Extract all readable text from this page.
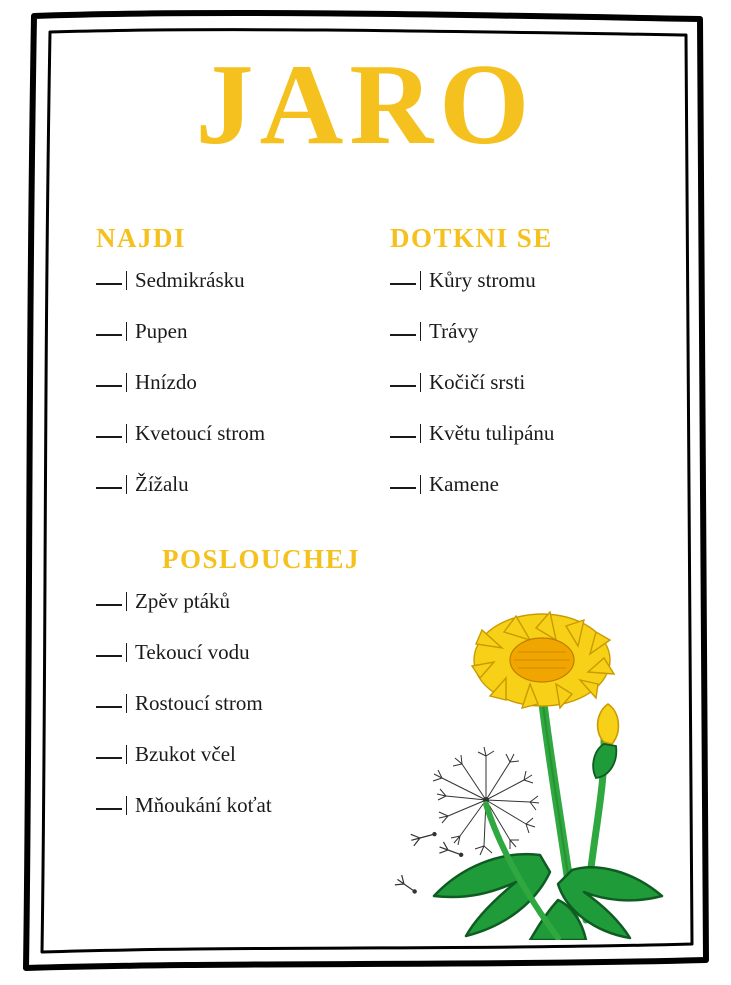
JARO
NAJDI
Sedmikrásku
Pupen
Hnízdo
Kvetoucí strom
Žížalu
DOTKNI SE
Kůry stromu
Trávy
Kočičí srsti
Květu tulipánu
Kamene
POSLOUCHEJ
Zpěv ptáků
Tekoucí vodu
Rostoucí strom
Bzukot včel
Mňoukání koťat
